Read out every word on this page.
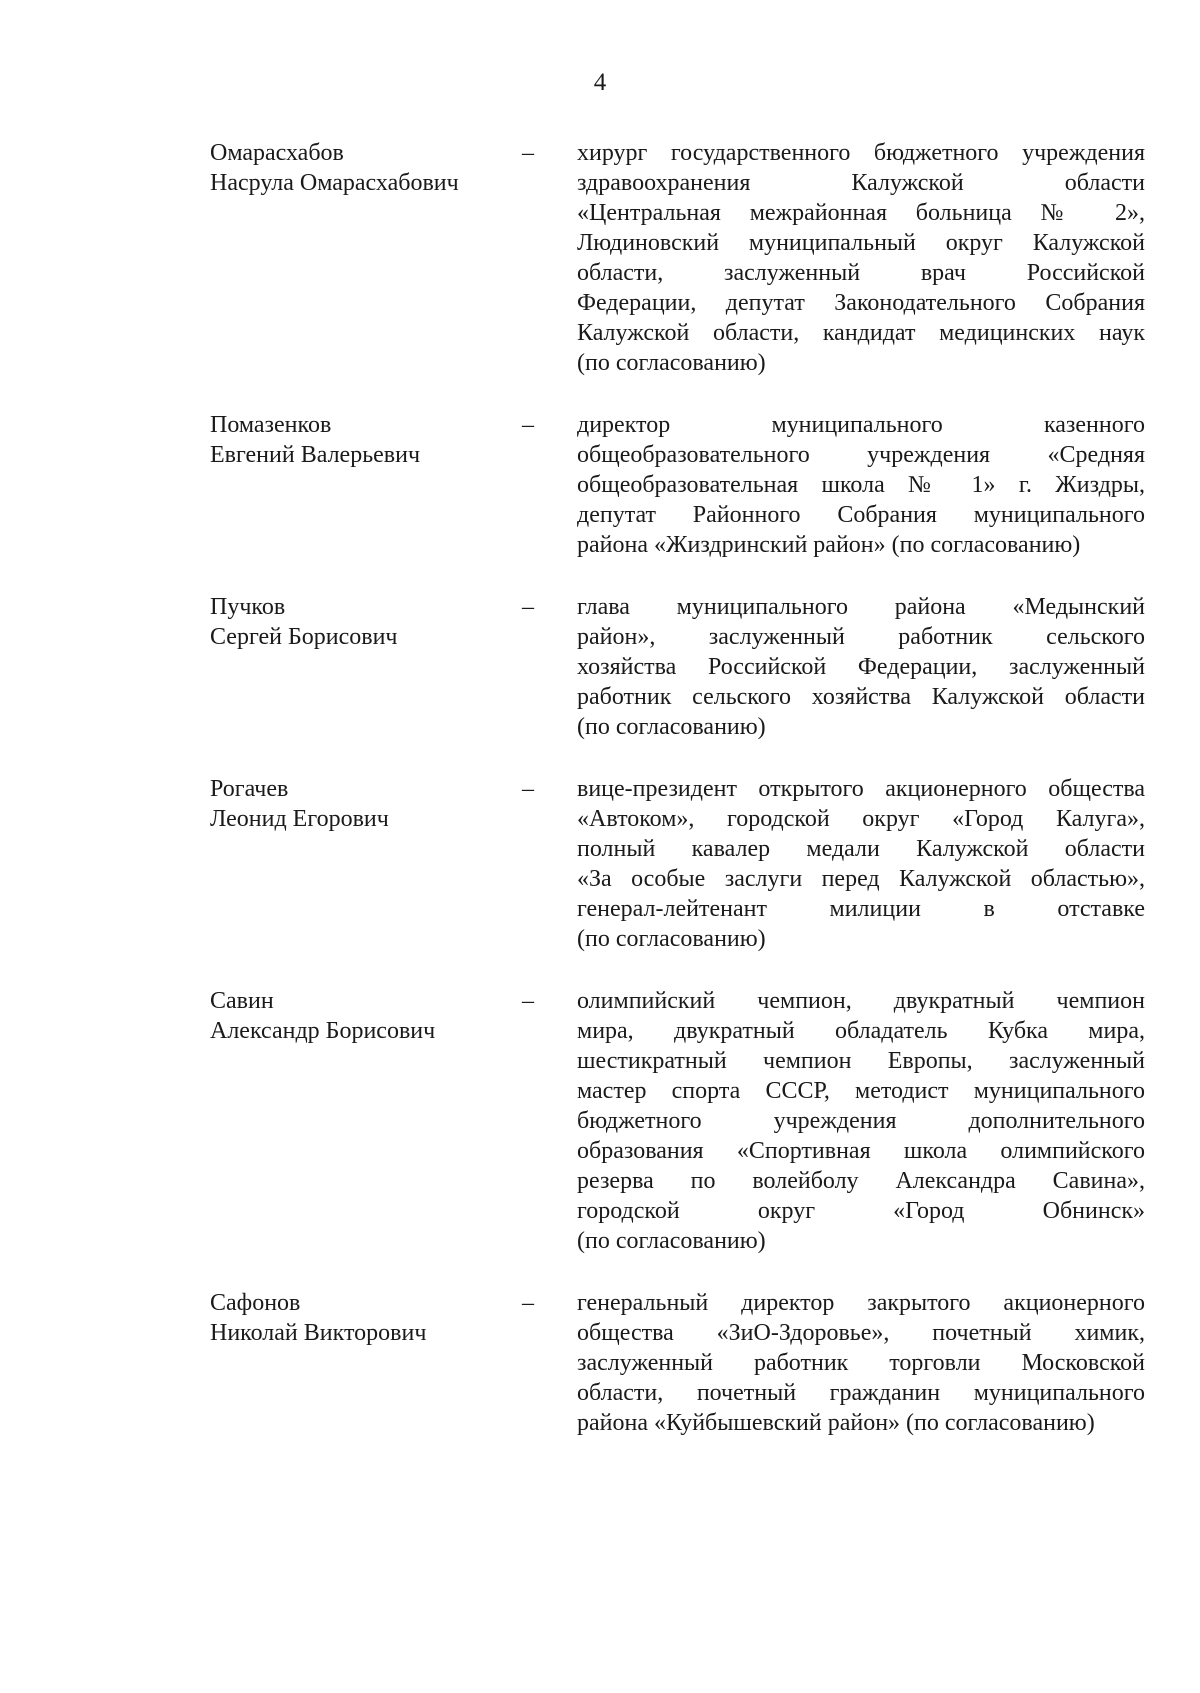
4
Омарасхабов
Насрула Омарасхабович
–	хирург государственного бюджетного учреждения
здравоохранения Калужской области
«Центральная межрайонная больница № 2»,
Людиновский муниципальный округ Калужской
области, заслуженный врач Российской
Федерации, депутат Законодательного Собрания
Калужской области, кандидат медицинских наук
(по согласованию)
Помазенков
Евгений Валерьевич
–	директор муниципального казенного
общеобразовательного учреждения «Средняя
общеобразовательная школа № 1» г. Жиздры,
депутат Районного Собрания муниципального
района «Жиздринский район» (по согласованию)
Пучков
Сергей Борисович
–	глава муниципального района «Медынский
район», заслуженный работник сельского
хозяйства Российской Федерации, заслуженный
работник сельского хозяйства Калужской области
(по согласованию)
Рогачев
Леонид Егорович
–	вице-президент открытого акционерного общества
«Автоком», городской округ «Город Калуга»,
полный кавалер медали Калужской области
«За особые заслуги перед Калужской областью»,
генерал-лейтенант милиции в отставке
(по согласованию)
Савин
Александр Борисович
–	олимпийский чемпион, двукратный чемпион
мира, двукратный обладатель Кубка мира,
шестикратный чемпион Европы, заслуженный
мастер спорта СССР, методист муниципального
бюджетного учреждения дополнительного
образования «Спортивная школа олимпийского
резерва по волейболу Александра Савина»,
городской округ «Город Обнинск»
(по согласованию)
Сафонов
Николай Викторович
–	генеральный директор закрытого акционерного
общества «ЗиО-Здоровье», почетный химик,
заслуженный работник торговли Московской
области, почетный гражданин муниципального
района «Куйбышевский район» (по согласованию)
